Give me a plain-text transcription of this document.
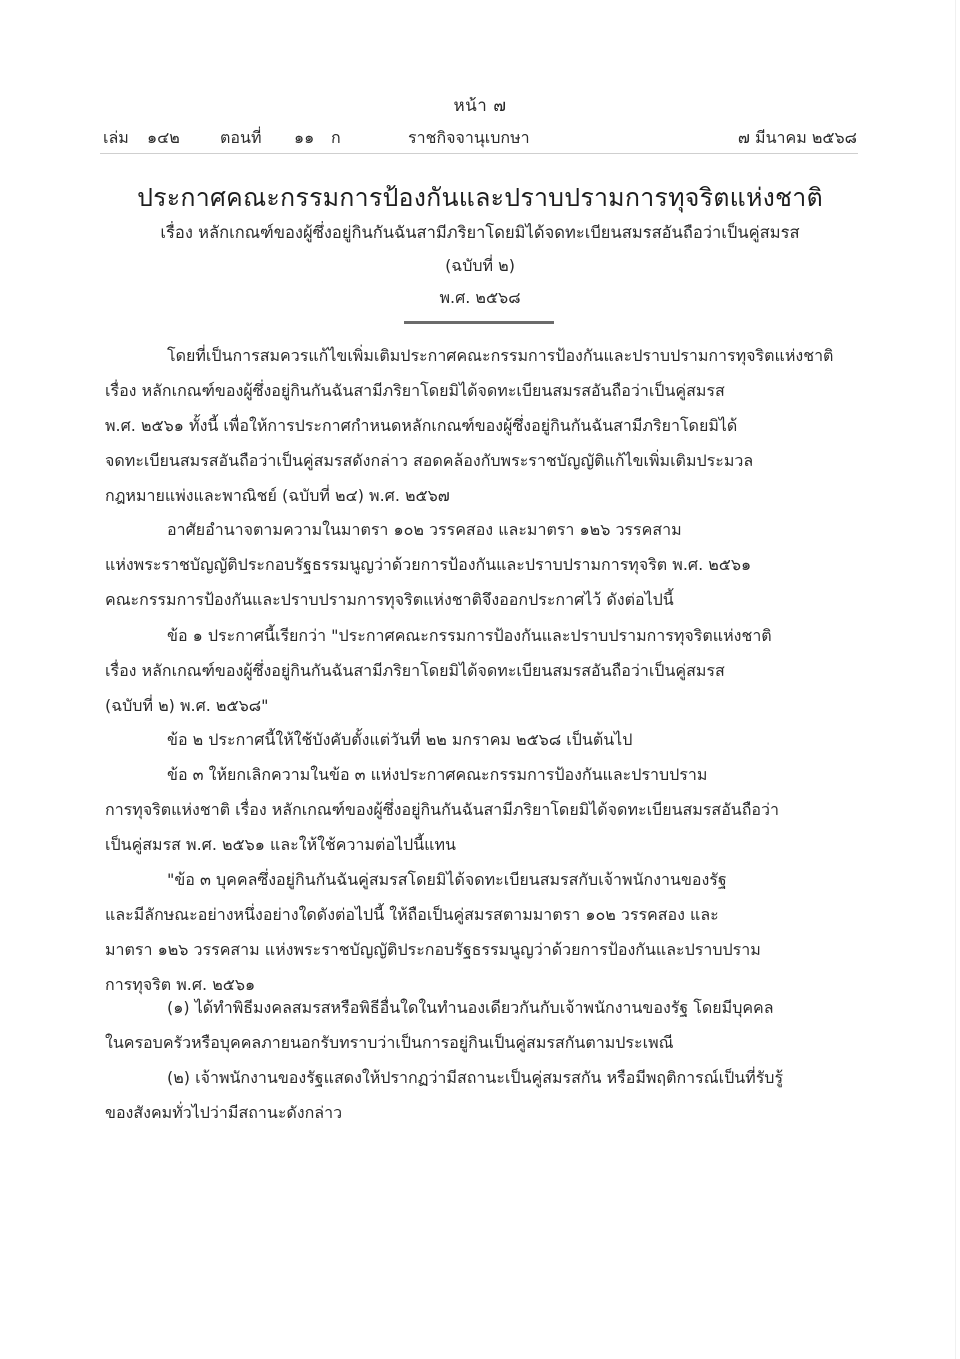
หน้า ๗
เล่ม ๑๔๒	ตอนที่ ๑๑ ก	ราชกิจจานุเบกษา	๗ มีนาคม ๒๕๖๘
ประกาศคณะกรรมการป้องกันและปราบปรามการทุจริตแห่งชาติ
เรื่อง หลักเกณฑ์ของผู้ซึ่งอยู่กินกันฉันสามีภริยาโดยมิได้จดทะเบียนสมรสอันถือว่าเป็นคู่สมรส
(ฉบับที่ ๒)
พ.ศ. ๒๕๖๘
โดยที่เป็นการสมควรแก้ไขเพิ่มเติมประกาศคณะกรรมการป้องกันและปราบปรามการทุจริตแห่งชาติ
เรื่อง หลักเกณฑ์ของผู้ซึ่งอยู่กินกันฉันสามีภริยาโดยมิได้จดทะเบียนสมรสอันถือว่าเป็นคู่สมรส
พ.ศ. ๒๕๖๑ ทั้งนี้ เพื่อให้การประกาศกำหนดหลักเกณฑ์ของผู้ซึ่งอยู่กินกันฉันสามีภริยาโดยมิได้
จดทะเบียนสมรสอันถือว่าเป็นคู่สมรสดังกล่าว สอดคล้องกับพระราชบัญญัติแก้ไขเพิ่มเติมประมวล
กฎหมายแพ่งและพาณิชย์ (ฉบับที่ ๒๔) พ.ศ. ๒๕๖๗
อาศัยอำนาจตามความในมาตรา ๑๐๒ วรรคสอง และมาตรา ๑๒๖ วรรคสาม
แห่งพระราชบัญญัติประกอบรัฐธรรมนูญว่าด้วยการป้องกันและปราบปรามการทุจริต พ.ศ. ๒๕๖๑
คณะกรรมการป้องกันและปราบปรามการทุจริตแห่งชาติจึงออกประกาศไว้ ดังต่อไปนี้
ข้อ ๑ ประกาศนี้เรียกว่า "ประกาศคณะกรรมการป้องกันและปราบปรามการทุจริตแห่งชาติ
เรื่อง หลักเกณฑ์ของผู้ซึ่งอยู่กินกันฉันสามีภริยาโดยมิได้จดทะเบียนสมรสอันถือว่าเป็นคู่สมรส
(ฉบับที่ ๒) พ.ศ. ๒๕๖๘"
ข้อ ๒ ประกาศนี้ให้ใช้บังคับตั้งแต่วันที่ ๒๒ มกราคม ๒๕๖๘ เป็นต้นไป
ข้อ ๓ ให้ยกเลิกความในข้อ ๓ แห่งประกาศคณะกรรมการป้องกันและปราบปราม
การทุจริตแห่งชาติ เรื่อง หลักเกณฑ์ของผู้ซึ่งอยู่กินกันฉันสามีภริยาโดยมิได้จดทะเบียนสมรสอันถือว่า
เป็นคู่สมรส พ.ศ. ๒๕๖๑ และให้ใช้ความต่อไปนี้แทน
"ข้อ ๓ บุคคลซึ่งอยู่กินกันฉันคู่สมรสโดยมิได้จดทะเบียนสมรสกับเจ้าพนักงานของรัฐ
และมีลักษณะอย่างหนึ่งอย่างใดดังต่อไปนี้ ให้ถือเป็นคู่สมรสตามมาตรา ๑๐๒ วรรคสอง และ
มาตรา ๑๒๖ วรรคสาม แห่งพระราชบัญญัติประกอบรัฐธรรมนูญว่าด้วยการป้องกันและปราบปราม
การทุจริต พ.ศ. ๒๕๖๑
(๑) ได้ทำพิธีมงคลสมรสหรือพิธีอื่นใดในทำนองเดียวกันกับเจ้าพนักงานของรัฐ โดยมีบุคคล
ในครอบครัวหรือบุคคลภายนอกรับทราบว่าเป็นการอยู่กินเป็นคู่สมรสกันตามประเพณี
(๒) เจ้าพนักงานของรัฐแสดงให้ปรากฏว่ามีสถานะเป็นคู่สมรสกัน หรือมีพฤติการณ์เป็นที่รับรู้
ของสังคมทั่วไปว่ามีสถานะดังกล่าว
